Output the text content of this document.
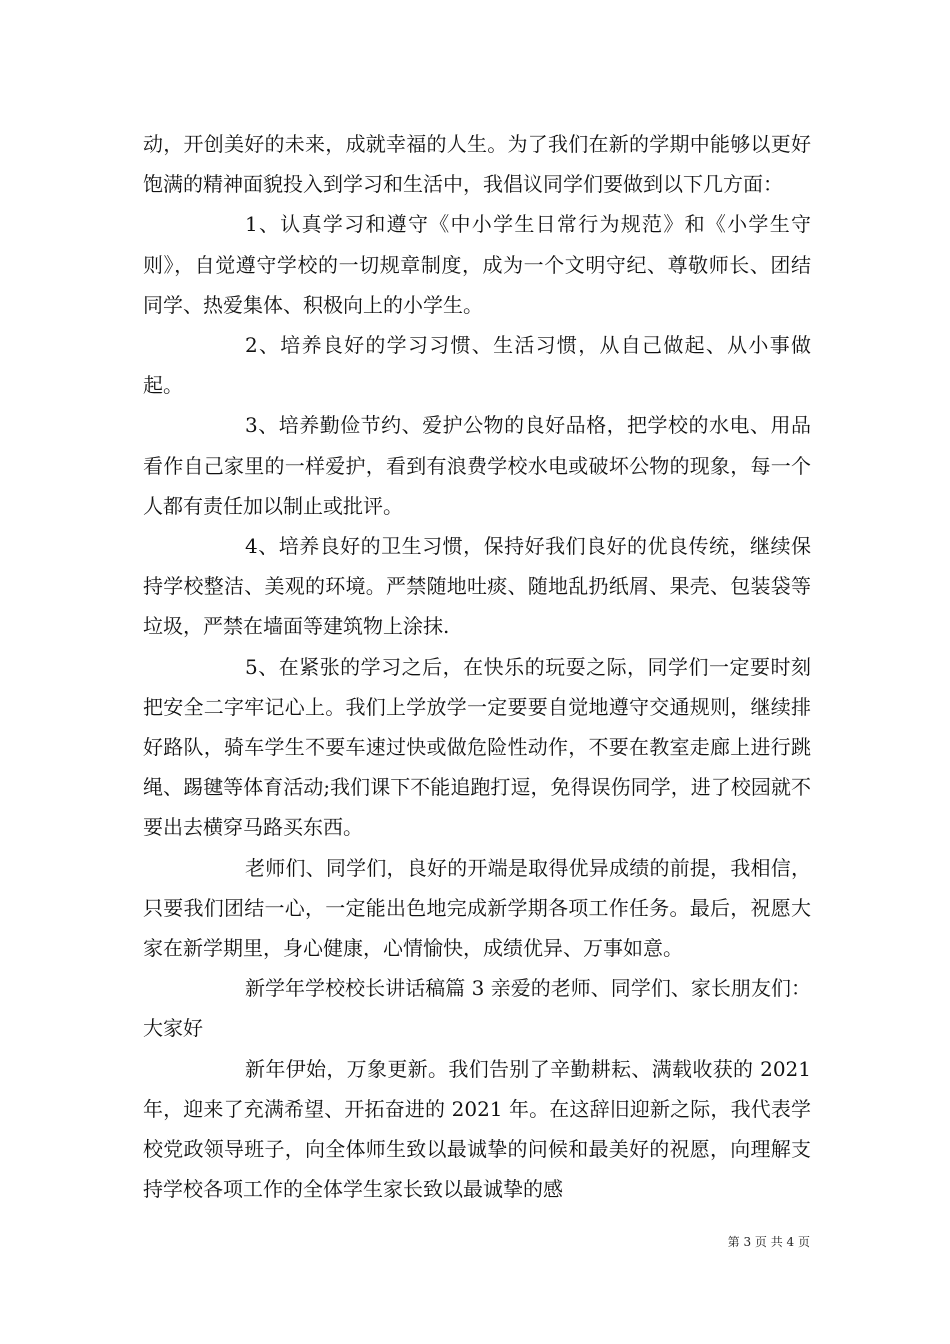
动，开创美好的未来，成就幸福的人生。为了我们在新的学期中能够以更好饱满的精神面貌投入到学习和生活中，我倡议同学们要做到以下几方面：

1、认真学习和遵守《中小学生日常行为规范》和《小学生守则》，自觉遵守学校的一切规章制度，成为一个文明守纪、尊敬师长、团结同学、热爱集体、积极向上的小学生。

2、培养良好的学习习惯、生活习惯，从自己做起、从小事做起。

3、培养勤俭节约、爱护公物的良好品格，把学校的水电、用品看作自己家里的一样爱护，看到有浪费学校水电或破坏公物的现象，每一个人都有责任加以制止或批评。

4、培养良好的卫生习惯，保持好我们良好的优良传统，继续保持学校整洁、美观的环境。严禁随地吐痰、随地乱扔纸屑、果壳、包装袋等垃圾，严禁在墙面等建筑物上涂抹.

5、在紧张的学习之后，在快乐的玩耍之际，同学们一定要时刻把安全二字牢记心上。我们上学放学一定要要自觉地遵守交通规则，继续排好路队，骑车学生不要车速过快或做危险性动作，不要在教室走廊上进行跳绳、踢毽等体育活动;我们课下不能追跑打逗，免得误伤同学，进了校园就不要出去横穿马路买东西。

老师们、同学们，良好的开端是取得优异成绩的前提，我相信，只要我们团结一心，一定能出色地完成新学期各项工作任务。最后，祝愿大家在新学期里，身心健康，心情愉快，成绩优异、万事如意。

新学年学校校长讲话稿篇 3 亲爱的老师、同学们、家长朋友们：大家好

新年伊始，万象更新。我们告别了辛勤耕耘、满载收获的 2021 年，迎来了充满希望、开拓奋进的 2021 年。在这辞旧迎新之际，我代表学校党政领导班子，向全体师生致以最诚挚的问候和最美好的祝愿，向理解支持学校各项工作的全体学生家长致以最诚挚的感

第 3 页 共 4 页
